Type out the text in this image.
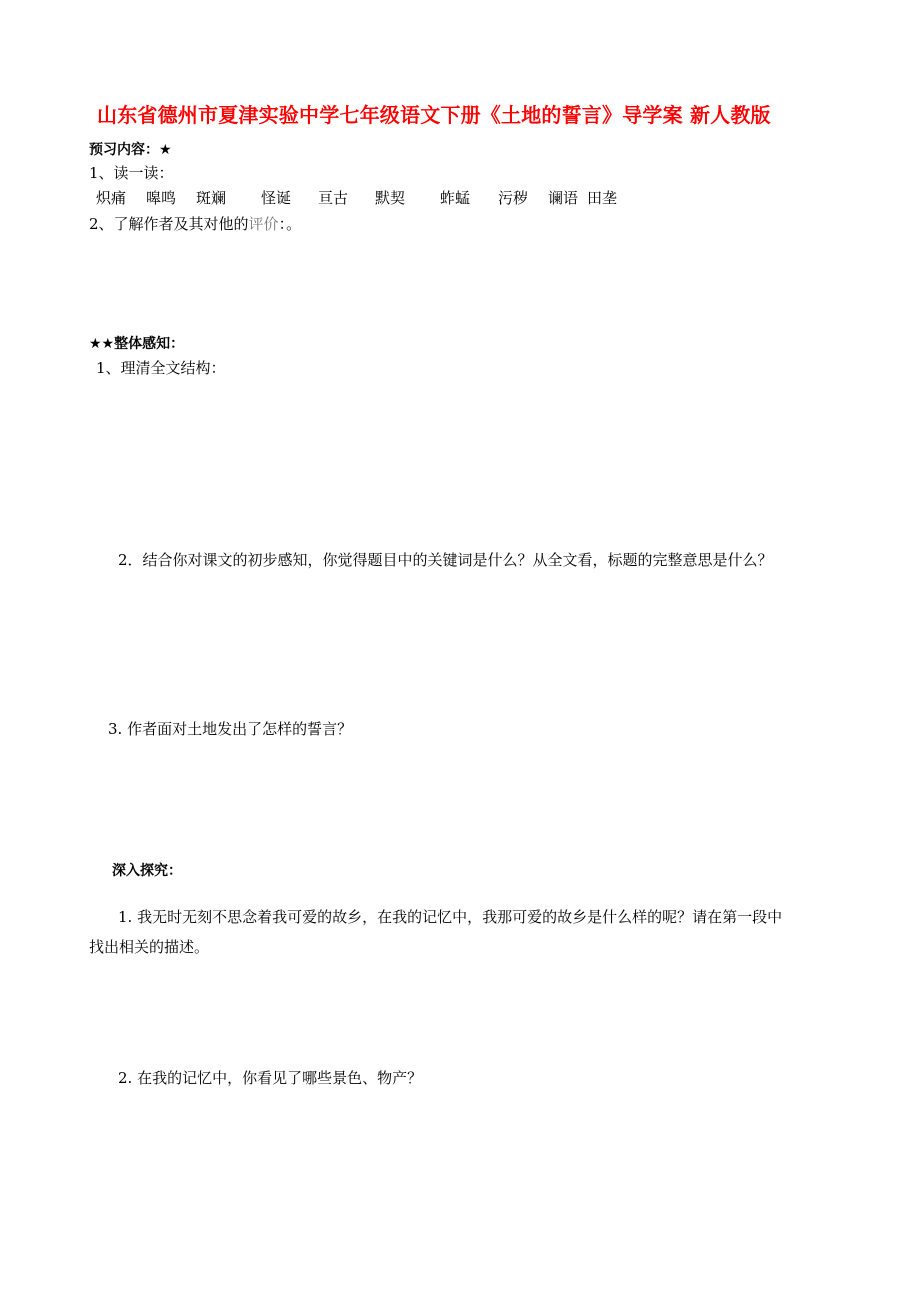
山东省德州市夏津实验中学七年级语文下册《土地的誓言》导学案 新人教版
预习内容：★
1、读一读：
炽痛 嗥鸣 斑斓 怪诞 亘古 默契 蚱蜢 污秽 谰语 田垄
2、了解作者及其对他的评价：。
★★整体感知：
1、理清全文结构：
2．结合你对课文的初步感知，你觉得题目中的关键词是什么？从全文看，标题的完整意思是什么？
3. 作者面对土地发出了怎样的誓言？
深入探究：
1. 我无时无刻不思念着我可爱的故乡，在我的记忆中，我那可爱的故乡是什么样的呢？请在第一段中
找出相关的描述。
2. 在我的记忆中，你看见了哪些景色、物产？
